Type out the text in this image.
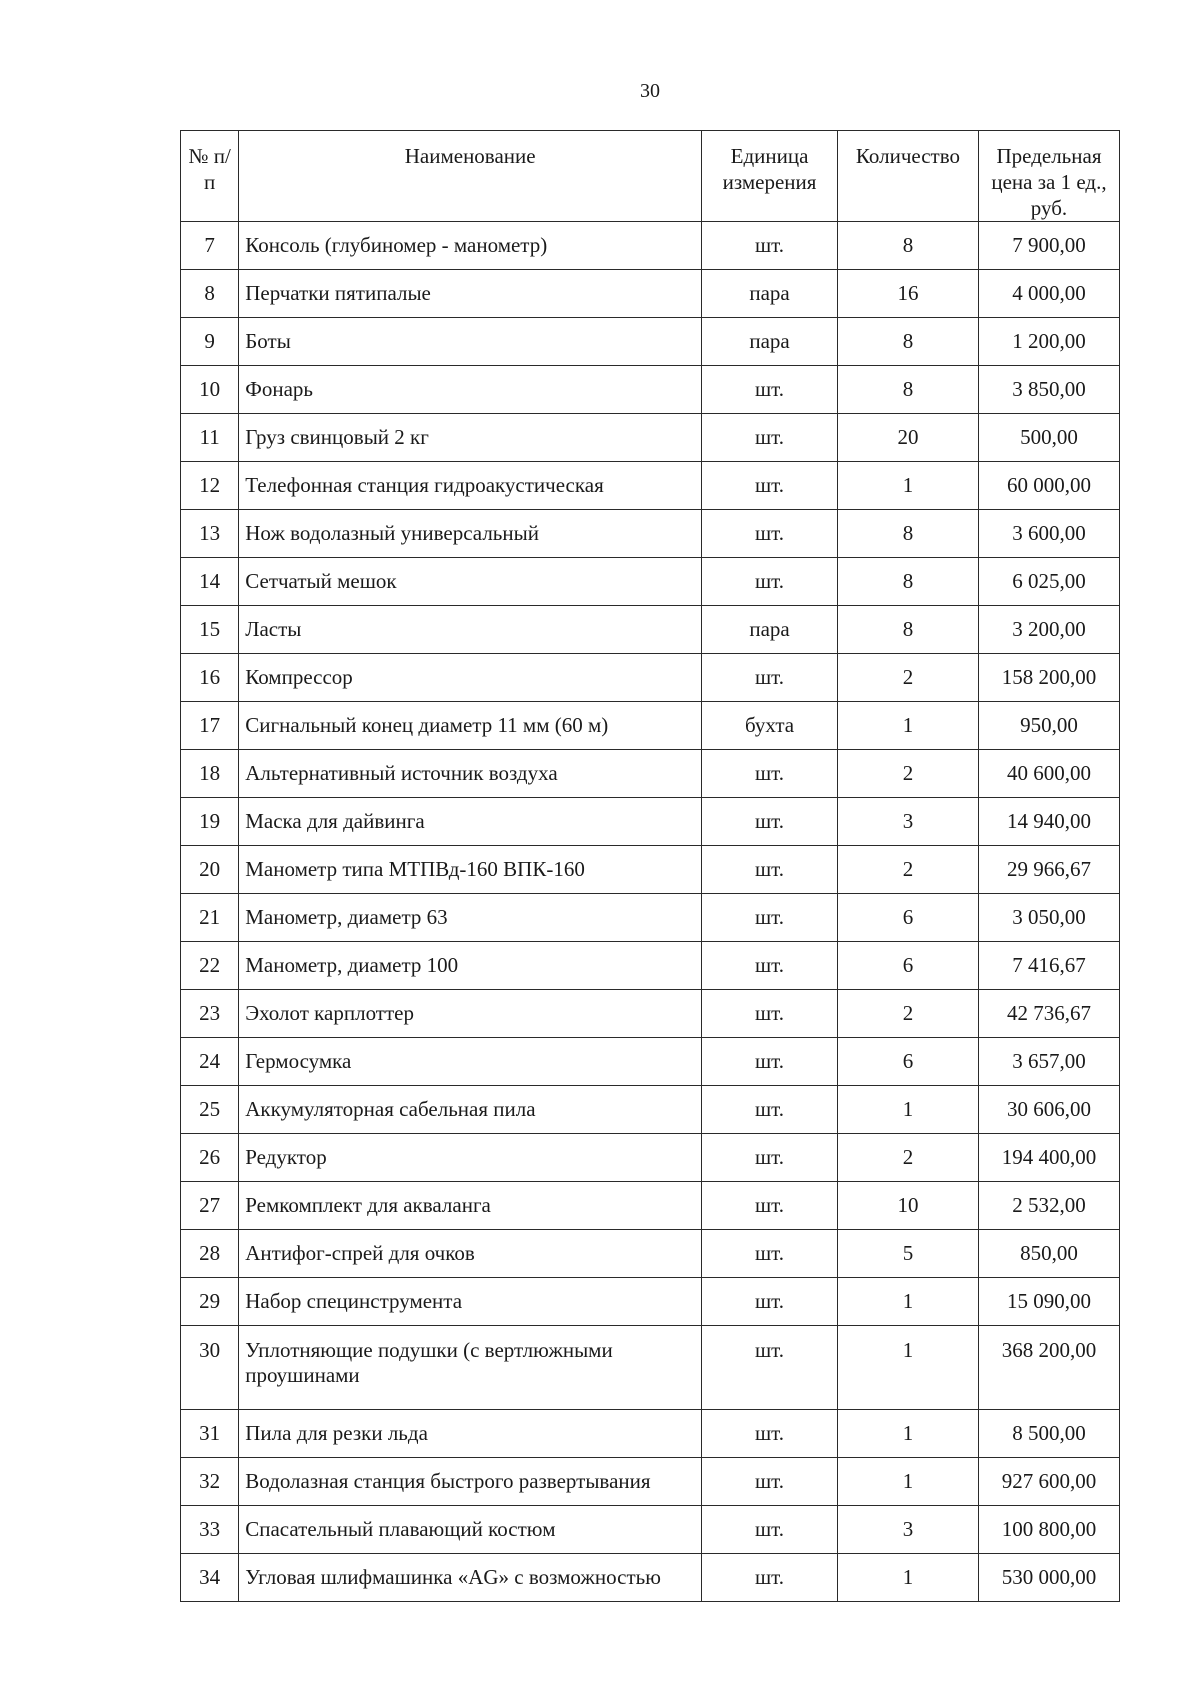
30
№ п/п	Наименование	Единица измерения	Количество	Предельная цена за 1 ед., руб.
7	Консоль (глубиномер - манометр)	шт.	8	7 900,00
8	Перчатки пятипалые	пара	16	4 000,00
9	Боты	пара	8	1 200,00
10	Фонарь	шт.	8	3 850,00
11	Груз свинцовый 2 кг	шт.	20	500,00
12	Телефонная станция гидроакустическая	шт.	1	60 000,00
13	Нож водолазный универсальный	шт.	8	3 600,00
14	Сетчатый мешок	шт.	8	6 025,00
15	Ласты	пара	8	3 200,00
16	Компрессор	шт.	2	158 200,00
17	Сигнальный конец диаметр 11 мм (60 м)	бухта	1	950,00
18	Альтернативный источник воздуха	шт.	2	40 600,00
19	Маска для дайвинга	шт.	3	14 940,00
20	Манометр типа МТПВд-160 ВПК-160	шт.	2	29 966,67
21	Манометр, диаметр 63	шт.	6	3 050,00
22	Манометр, диаметр 100	шт.	6	7 416,67
23	Эхолот карплоттер	шт.	2	42 736,67
24	Гермосумка	шт.	6	3 657,00
25	Аккумуляторная сабельная пила	шт.	1	30 606,00
26	Редуктор	шт.	2	194 400,00
27	Ремкомплект для акваланга	шт.	10	2 532,00
28	Антифог-спрей для очков	шт.	5	850,00
29	Набор специнструмента	шт.	1	15 090,00
30	Уплотняющие подушки (с вертлюжными проушинами	шт.	1	368 200,00
31	Пила для резки льда	шт.	1	8 500,00
32	Водолазная станция быстрого развертывания	шт.	1	927 600,00
33	Спасательный плавающий костюм	шт.	3	100 800,00
34	Угловая шлифмашинка «AG» с возможностью	шт.	1	530 000,00
